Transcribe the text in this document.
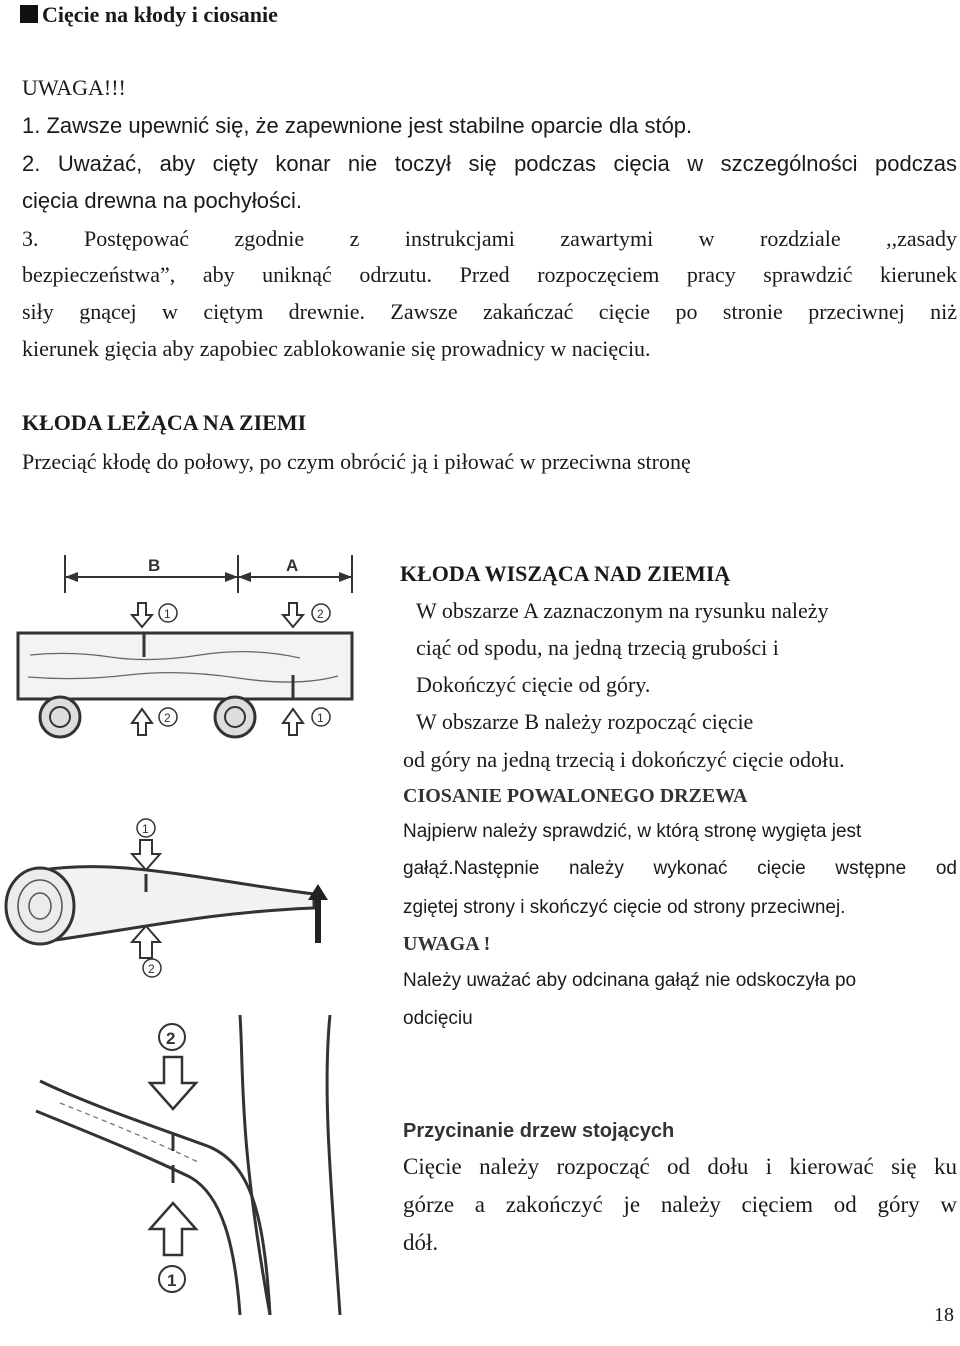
Cięcie na kłody i ciosanie
UWAGA!!!
1. Zawsze upewnić się, że zapewnione jest stabilne oparcie dla stóp.
2. Uważać, aby cięty konar nie toczył się podczas cięcia w szczególności podczas
cięcia drewna na pochyłości.
3. Postępować zgodnie z instrukcjami zawartymi w rozdziale ,,zasady
bezpieczeństwa”, aby uniknąć odrzutu. Przed rozpoczęciem pracy sprawdzić kierunek
siły gnącej w ciętym drewnie. Zawsze zakańczać cięcie po stronie przeciwnej niż
kierunek gięcia aby zapobiec zablokowanie się prowadnicy w nacięciu.
KŁODA LEŻĄCA NA ZIEMI
Przeciąć kłodę do połowy, po czym obrócić ją i piłować w przeciwna stronę
B	A
1	2
2	1
1
2
2
1
KŁODA WISZĄCA NAD ZIEMIĄ
W obszarze A zaznaczonym na rysunku należy
ciąć od spodu, na jedną trzecią grubości i
Dokończyć cięcie od góry.
W obszarze B należy rozpocząć cięcie
od góry na jedną trzecią i dokończyć cięcie odołu.
CIOSANIE POWALONEGO DRZEWA
Najpierw należy sprawdzić, w którą stronę wygięta jest
gałąź.Następnie należy wykonać cięcie wstępne od
zgiętej strony i skończyć cięcie od strony przeciwnej.
UWAGA !
Należy uważać aby odcinana gałąź nie odskoczyła po
odcięciu
Przycinanie drzew stojących
Cięcie należy rozpocząć od dołu i kierować się ku
górze a zakończyć je należy cięciem od góry w
dół.
18
